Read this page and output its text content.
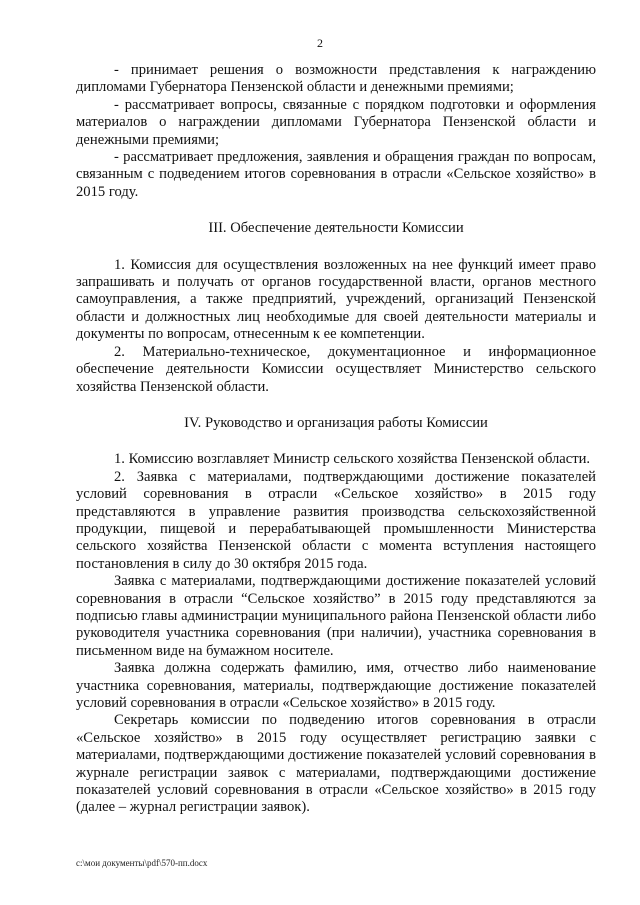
2

- принимает решения о возможности представления к награждению дипломами Губернатора Пензенской области и денежными премиями;

- рассматривает вопросы, связанные с порядком подготовки и оформления материалов о награждении дипломами Губернатора Пензенской области и денежными премиями;

- рассматривает предложения, заявления и обращения граждан по вопросам, связанным с подведением итогов соревнования в отрасли «Сельское хозяйство» в 2015 году.

III. Обеспечение деятельности Комиссии

1. Комиссия для осуществления возложенных на нее функций имеет право запрашивать и получать от органов государственной власти, органов местного самоуправления, а также предприятий, учреждений, организаций Пензенской области и должностных лиц необходимые для своей деятельности материалы и документы по вопросам, отнесенным к ее компетенции.

2. Материально-техническое, документационное и информационное обеспечение деятельности Комиссии осуществляет Министерство сельского хозяйства Пензенской области.

IV. Руководство и организация работы Комиссии

1. Комиссию возглавляет Министр сельского хозяйства Пензенской области.

2. Заявка с материалами, подтверждающими достижение показателей условий соревнования в отрасли «Сельское хозяйство» в 2015 году представляются в управление развития производства сельскохозяйственной продукции, пищевой и перерабатывающей промышленности Министерства сельского хозяйства Пензенской области с момента вступления настоящего постановления в силу до 30 октября 2015 года.

Заявка с материалами, подтверждающими достижение показателей условий соревнования в отрасли “Сельское хозяйство” в 2015 году представляются за подписью главы администрации муниципального района Пензенской области либо руководителя участника соревнования (при наличии), участника соревнования в письменном виде на бумажном носителе.

Заявка должна содержать фамилию, имя, отчество либо наименование участника соревнования, материалы, подтверждающие достижение показателей условий соревнования в отрасли «Сельское хозяйство» в 2015 году.

Секретарь комиссии по подведению итогов соревнования в отрасли «Сельское хозяйство» в 2015 году осуществляет регистрацию заявки с материалами, подтверждающими достижение показателей условий соревнования в журнале регистрации заявок с материалами, подтверждающими достижение показателей условий соревнования в отрасли «Сельское хозяйство» в 2015 году (далее – журнал регистрации заявок).

c:\мои документы\pdf\570-пп.docx
